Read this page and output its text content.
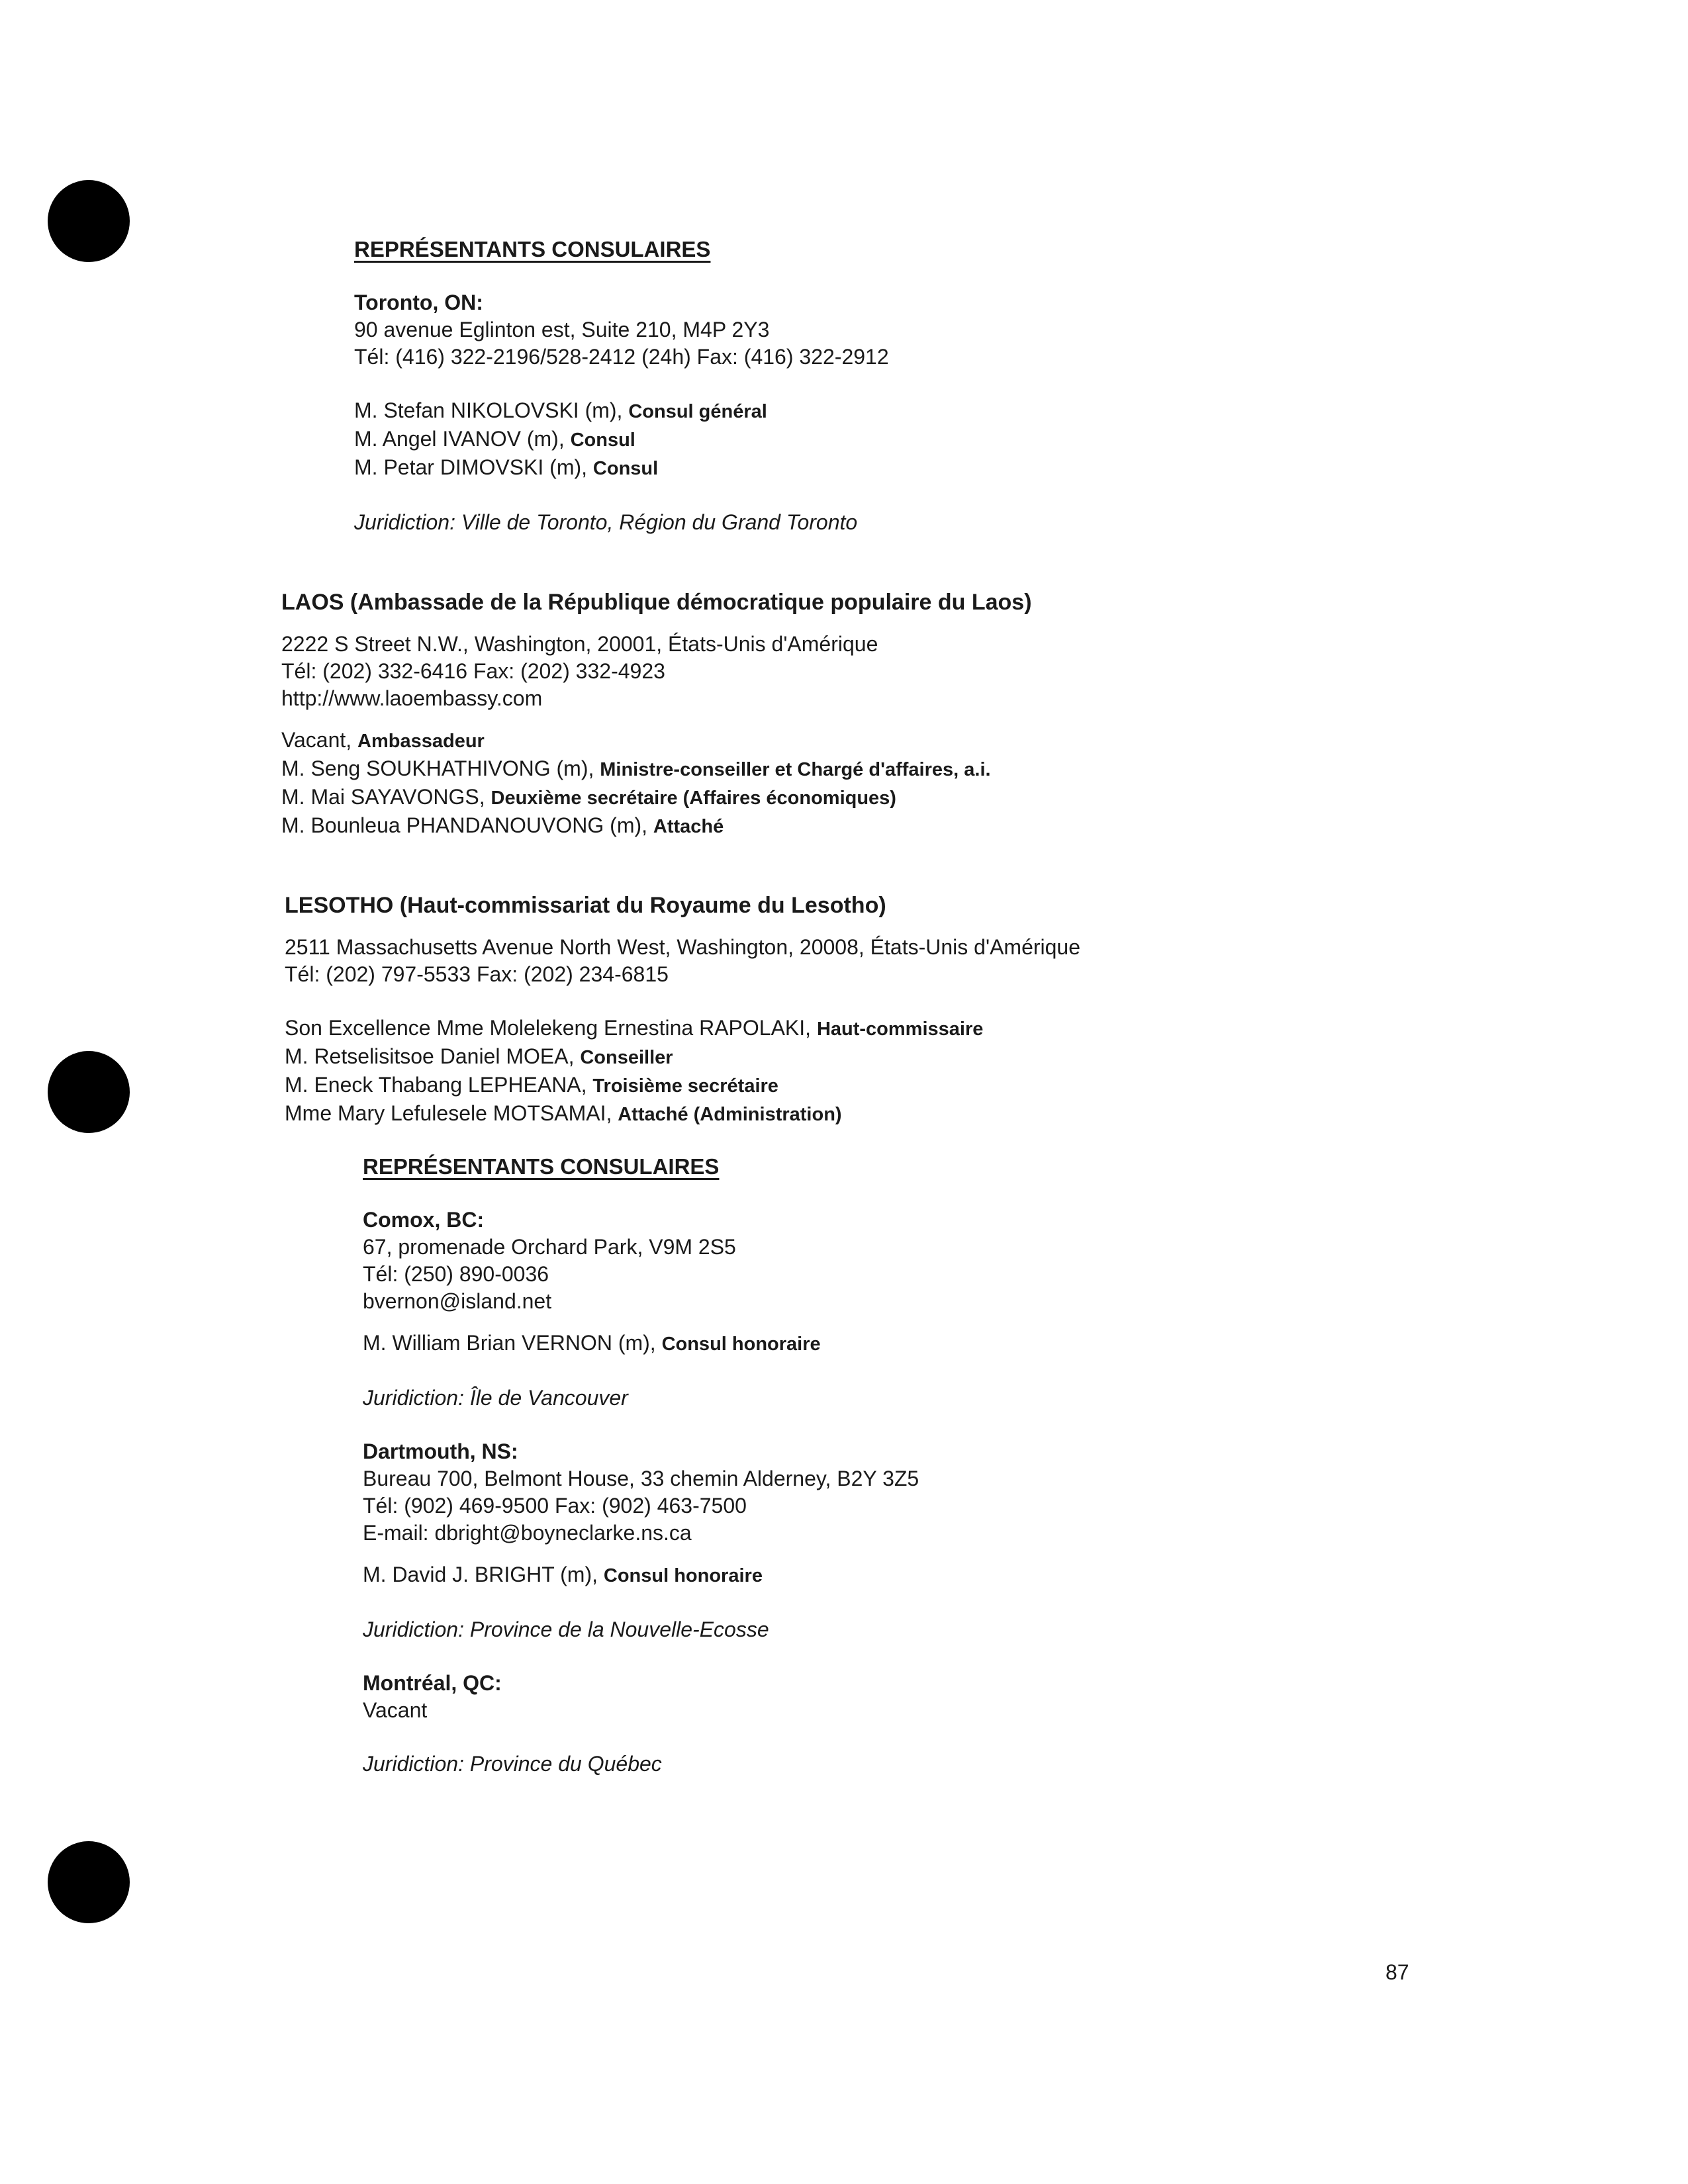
REPRÉSENTANTS CONSULAIRES
Toronto, ON:
90 avenue Eglinton est, Suite 210, M4P 2Y3
Tél: (416) 322-2196/528-2412 (24h) Fax: (416) 322-2912
M. Stefan NIKOLOVSKI (m), Consul général
M. Angel IVANOV (m), Consul
M. Petar DIMOVSKI (m), Consul
Juridiction: Ville de Toronto, Région du Grand Toronto
LAOS (Ambassade de la République démocratique populaire du Laos)
2222 S Street N.W., Washington, 20001, États-Unis d'Amérique
Tél: (202) 332-6416 Fax: (202) 332-4923
http://www.laoembassy.com
Vacant, Ambassadeur
M. Seng SOUKHATHIVONG (m), Ministre-conseiller et Chargé d'affaires, a.i.
M. Mai SAYAVONGS, Deuxième secrétaire (Affaires économiques)
M. Bounleua PHANDANOUVONG (m), Attaché
LESOTHO (Haut-commissariat du Royaume du Lesotho)
2511 Massachusetts Avenue North West, Washington, 20008, États-Unis d'Amérique
Tél: (202) 797-5533 Fax: (202) 234-6815
Son Excellence Mme Molelekeng Ernestina RAPOLAKI, Haut-commissaire
M. Retselisitsoe Daniel MOEA, Conseiller
M. Eneck Thabang LEPHEANA, Troisième secrétaire
Mme Mary Lefulesele MOTSAMAI, Attaché (Administration)
REPRÉSENTANTS CONSULAIRES
Comox, BC:
67, promenade Orchard Park, V9M 2S5
Tél: (250) 890-0036
bvernon@island.net
M. William Brian VERNON (m), Consul honoraire
Juridiction: Île de Vancouver
Dartmouth, NS:
Bureau 700, Belmont House, 33 chemin Alderney, B2Y 3Z5
Tél: (902) 469-9500 Fax: (902) 463-7500
E-mail: dbright@boyneclarke.ns.ca
M. David J. BRIGHT (m), Consul honoraire
Juridiction: Province de la Nouvelle-Ecosse
Montréal, QC:
Vacant
Juridiction: Province du Québec
87
